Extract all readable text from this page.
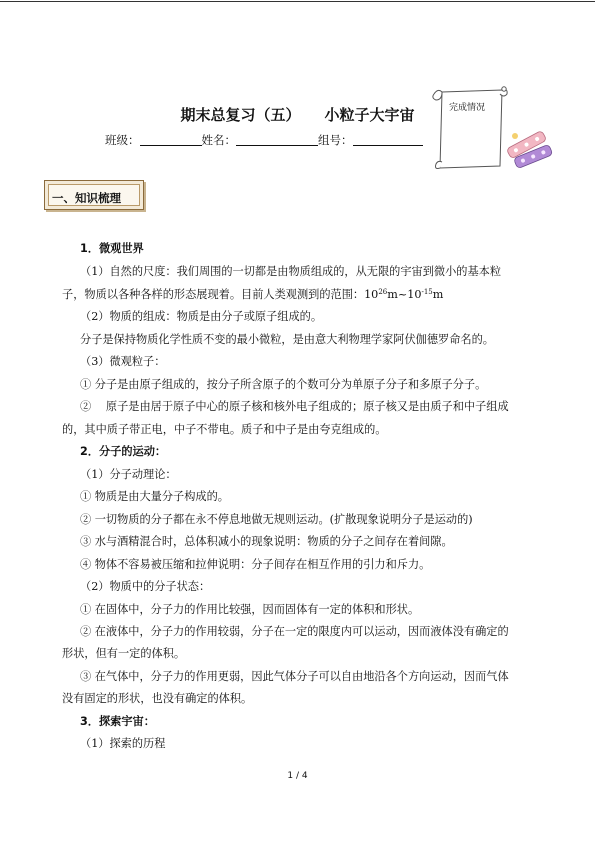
期末总复习（五） 小粒子大宇宙
班级：	姓名：	组号：
完成情况
一、知识梳理
1．微观世界
（1）自然的尺度：我们周围的一切都是由物质组成的，从无限的宇宙到微小的基本粒
子，物质以各种各样的形态展现着。目前人类观测到的范围：$10^{26}m\sim 10^{-15}m$
（2）物质的组成：物质是由分子或原子组成的。
分子是保持物质化学性质不变的最小微粒，是由意大利物理学家阿伏伽德罗命名的。
（3）微观粒子：
① 分子是由原子组成的，按分子所含原子的个数可分为单原子分子和多原子分子。
②　 原子是由居于原子中心的原子核和核外电子组成的；原子核又是由质子和中子组成
的，其中质子带正电，中子不带电。质子和中子是由夸克组成的。
2．分子的运动：
（1）分子动理论：
① 物质是由大量分子构成的。
② 一切物质的分子都在永不停息地做无规则运动。(扩散现象说明分子是运动的)
③ 水与酒精混合时，总体积减小的现象说明：物质的分子之间存在着间隙。
④ 物体不容易被压缩和拉伸说明：分子间存在相互作用的引力和斥力。
（2）物质中的分子状态：
① 在固体中，分子力的作用比较强，因而固体有一定的体积和形状。
② 在液体中，分子力的作用较弱，分子在一定的限度内可以运动，因而液体没有确定的
形状，但有一定的体积。
③ 在气体中，分子力的作用更弱，因此气体分子可以自由地沿各个方向运动，因而气体
没有固定的形状，也没有确定的体积。
3．探索宇宙：
（1）探索的历程
1 / 4
